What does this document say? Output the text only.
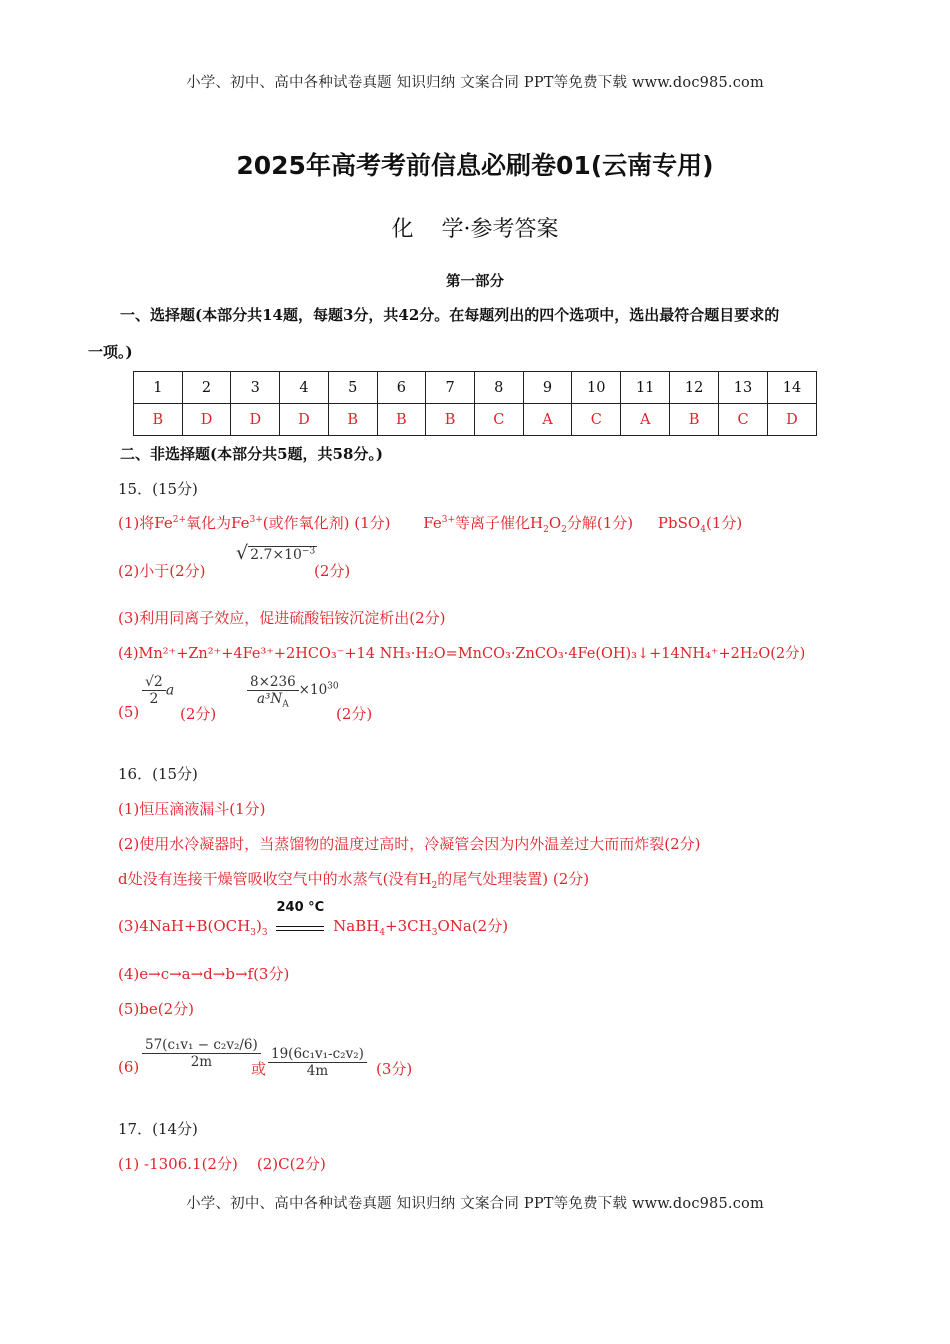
小学、初中、高中各种试卷真题 知识归纳 文案合同 PPT等免费下载 www.doc985.com
2025年高考考前信息必刷卷01(云南专用)
化    学·参考答案
第一部分
一、选择题(本部分共14题，每题3分，共42分。在每题列出的四个选项中，选出最符合题目要求的
一项。)
1	2	3	4	5	6	7	8	9	10	11	12	13	14
B	D	D	D	B	B	B	C	A	C	A	B	C	D
二、非选择题(本部分共5题，共58分。)
15．(15分)
(1)将$Fe^{2+}$氧化为$Fe^{3+}$(或作氧化剂) (1分) $Fe^{3+}$等离子催化$H_2O_2$分解(1分) PbSO$_4$(1分)
(2)小于(2分)
√ $2.7\times 10^{-3}$
(2分)
(3)利用同离子效应，促进硫酸铝铵沉淀析出(2分)
(4)Mn²⁺+Zn²⁺+4Fe³⁺+2HCO₃⁻+14 NH₃·H₂O=MnCO₃·ZnCO₃·4Fe(OH)₃↓+14NH₄⁺+2H₂O(2分)
(5)
$\frac{√2}{2}$ a
(2分)
$\frac{8\times 236}{a^3N_A} \times 10^{30}$
(2分)
16．(15分)
(1)恒压滴液漏斗(1分)
(2)使用水冷凝器时，当蒸馏物的温度过高时，冷凝管会因为内外温差过大而而炸裂(2分)
d处没有连接干燥管吸收空气中的水蒸气(没有$H_2$的尾气处理装置) (2分)
$(3)4NaH+B(OCH_3)_3$
240 °C
$NaBH_4+3CH_3ONa(2$分)
(4)e→c→a→d→b→f(3分)
(5)be(2分)
$(6) \frac{\text{57(c₁v₁ − c₂v₂/6)}}{2m}$
或 $\frac{\text{19(6c₁v₁-c₂v₂)}}{4m} (3$分)
17．(14分)
(1) -1306.1(2分)    (2)C(2分)
小学、初中、高中各种试卷真题 知识归纳 文案合同 PPT等免费下载 www.doc985.com
